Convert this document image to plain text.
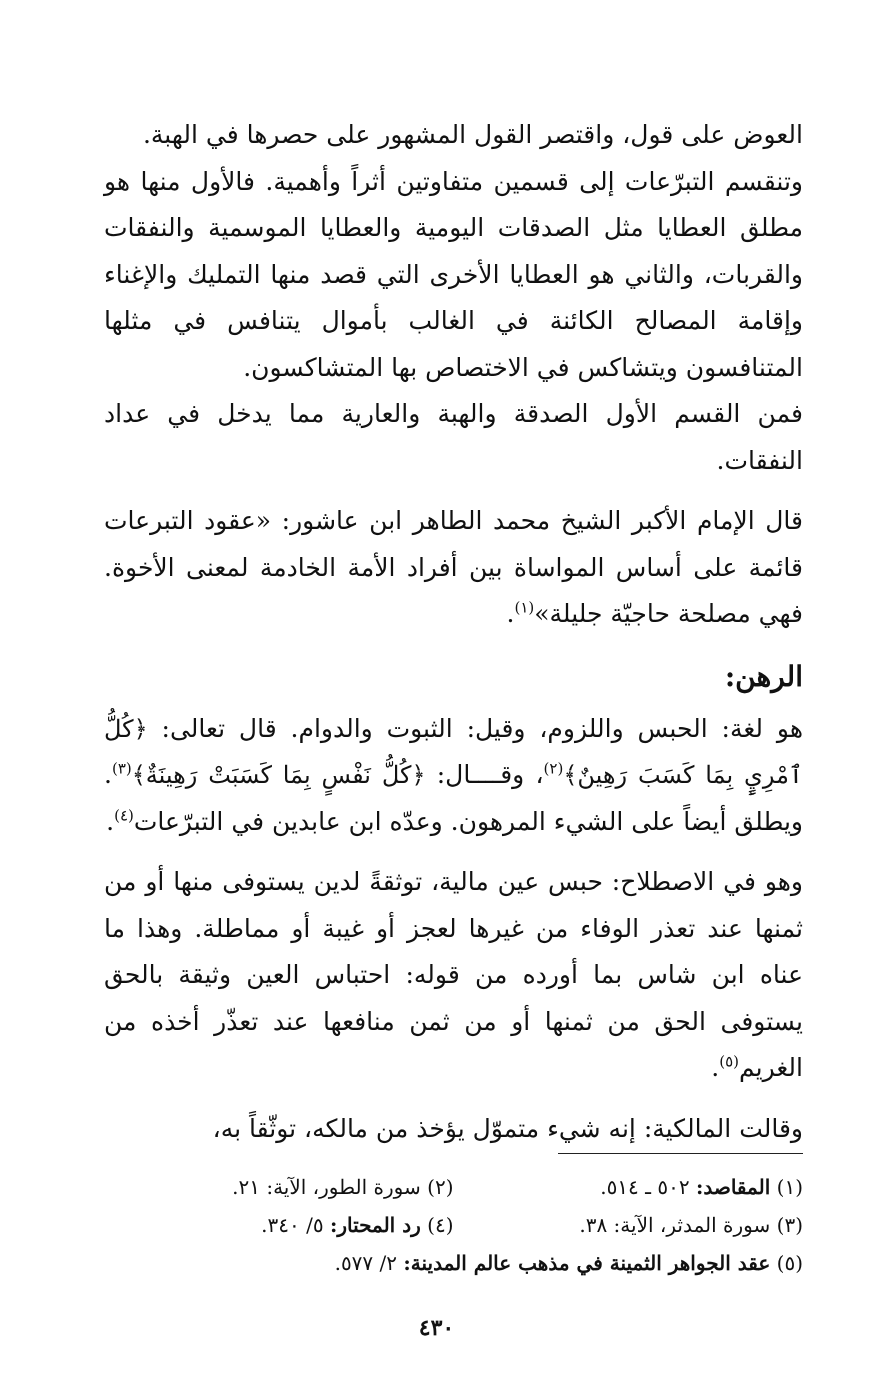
العوض على قول، واقتصر القول المشهور على حصرها في الهبة.

وتنقسم التبرّعات إلى قسمين متفاوتين أثراً وأهمية. فالأول منها هو مطلق العطايا مثل الصدقات اليومية والعطايا الموسمية والنفقات والقربات، والثاني هو العطايا الأخرى التي قصد منها التمليك والإغناء وإقامة المصالح الكائنة في الغالب بأموال يتنافس في مثلها المتنافسون ويتشاكس في الاختصاص بها المتشاكسون.

فمن القسم الأول الصدقة والهبة والعارية مما يدخل في عداد النفقات.

قال الإمام الأكبر الشيخ محمد الطاهر ابن عاشور: «عقود التبرعات قائمة على أساس المواساة بين أفراد الأمة الخادمة لمعنى الأخوة. فهي مصلحة حاجيّة جليلة»$^{(١)}$.

الرهن:

هو لغة: الحبس واللزوم، وقيل: الثبوت والدوام. قال تعالى: ﴿كُلُّ ٱمْرِيٍٕ بِمَا كَسَبَ رَهِينٌ﴾$^{(٢)}$، وقــــال: ﴿كُلُّ نَفْسٍ بِمَا كَسَبَتْ رَهِينَةٌ﴾$^{(٣)}$. ويطلق أيضاً على الشيء المرهون. وعدّه ابن عابدين في التبرّعات$^{(٤)}$.

وهو في الاصطلاح: حبس عين مالية، توثقةً لدين يستوفى منها أو من ثمنها عند تعذر الوفاء من غيرها لعجز أو غيبة أو مماطلة. وهذا ما عناه ابن شاس بما أورده من قوله: احتباس العين وثيقة بالحق يستوفى الحق من ثمنها أو من ثمن منافعها عند تعذّر أخذه من الغريم$^{(٥)}$.

وقالت المالكية: إنه شيء متموّل يؤخذ من مالكه، توثّقاً به،

(١) المقاصد: ٥٠٢ ـ ٥١٤.
(٢) سورة الطور، الآية: ٢١.
(٣) سورة المدثر، الآية: ٣٨.
(٤) رد المحتار: ٥/ ٣٤٠.
(٥) عقد الجواهر الثمينة في مذهب عالم المدينة: ٢/ ٥٧٧.
٤٣٠
